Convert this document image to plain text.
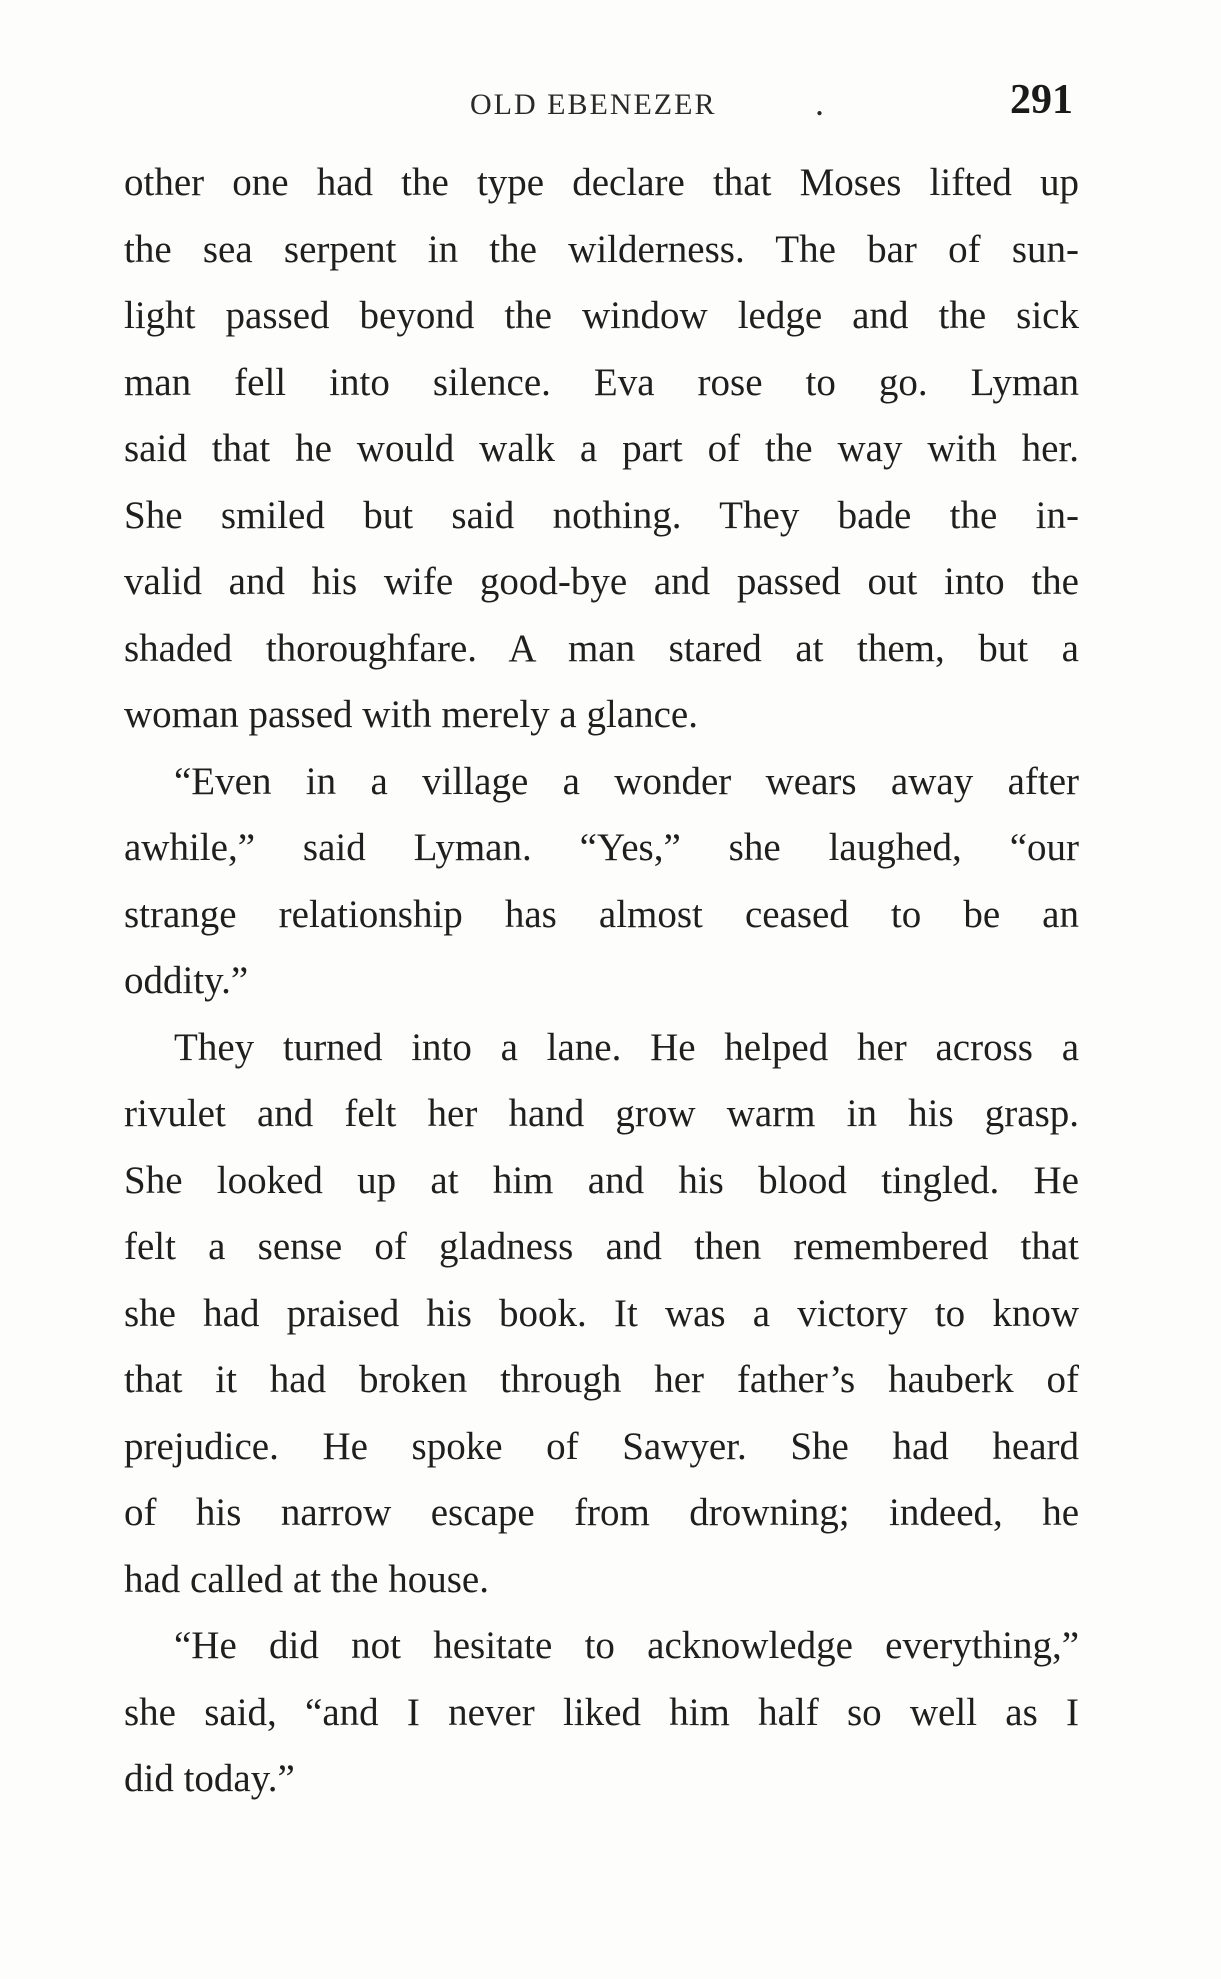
OLD EBENEZER	.	291
other one had the type declare that Moses lifted up
the sea serpent in the wilderness. The bar of sun-
light passed beyond the window ledge and the sick
man fell into silence. Eva rose to go. Lyman
said that he would walk a part of the way with her.
She smiled but said nothing. They bade the in-
valid and his wife good-bye and passed out into the
shaded thoroughfare. A man stared at them, but a
woman passed with merely a glance.
“Even in a village a wonder wears away after
awhile,” said Lyman. “Yes,” she laughed, “our
strange relationship has almost ceased to be an
oddity.”
They turned into a lane. He helped her across a
rivulet and felt her hand grow warm in his grasp.
She looked up at him and his blood tingled. He
felt a sense of gladness and then remembered that
she had praised his book. It was a victory to know
that it had broken through her father’s hauberk of
prejudice. He spoke of Sawyer. She had heard
of his narrow escape from drowning; indeed, he
had called at the house.
“He did not hesitate to acknowledge everything,”
she said, “and I never liked him half so well as I
did today.”
